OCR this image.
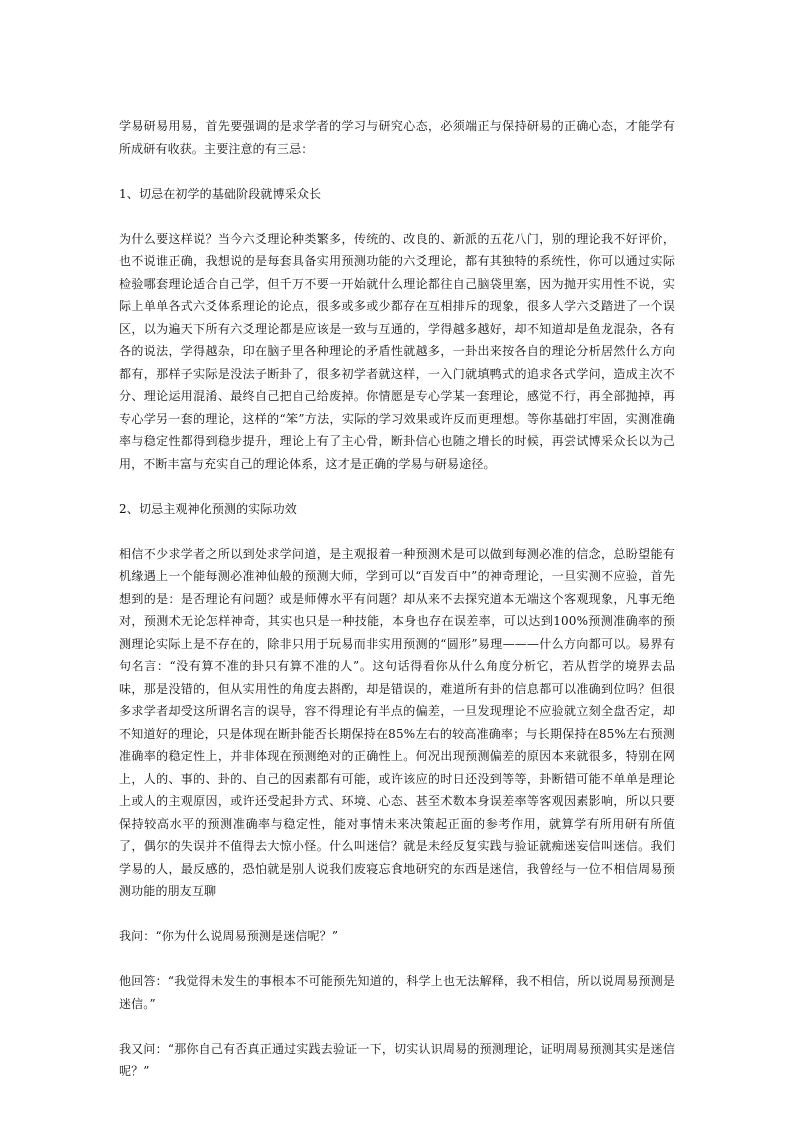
学易研易用易，首先要强调的是求学者的学习与研究心态，必须端正与保持研易的正确心态，才能学有所成研有收获。主要注意的有三忌：

1、切忌在初学的基础阶段就博采众长

为什么要这样说？当今六爻理论种类繁多，传统的、改良的、新派的五花八门，别的理论我不好评价，也不说谁正确，我想说的是每套具备实用预测功能的六爻理论，都有其独特的系统性，你可以通过实际检验哪套理论适合自己学，但千万不要一开始就什么理论都往自己脑袋里塞，因为抛开实用性不说，实际上单单各式六爻体系理论的论点，很多或多或少都存在互相排斥的现象，很多人学六爻踏进了一个误区，以为遍天下所有六爻理论都是应该是一致与互通的，学得越多越好，却不知道却是鱼龙混杂，各有各的说法，学得越杂，印在脑子里各种理论的矛盾性就越多，一卦出来按各自的理论分析居然什么方向都有，那样子实际是没法子断卦了，很多初学者就这样，一入门就填鸭式的追求各式学问，造成主次不分、理论运用混淆、最终自己把自己给废掉。你情愿是专心学某一套理论，感觉不行，再全部抛掉，再专心学另一套的理论，这样的“笨”方法，实际的学习效果或许反而更理想。等你基础打牢固，实测准确率与稳定性都得到稳步提升，理论上有了主心骨，断卦信心也随之增长的时候，再尝试博采众长以为己用，不断丰富与充实自己的理论体系，这才是正确的学易与研易途径。

2、切忌主观神化预测的实际功效

相信不少求学者之所以到处求学问道，是主观报着一种预测术是可以做到每测必准的信念，总盼望能有机缘遇上一个能每测必准神仙般的预测大师，学到可以“百发百中”的神奇理论，一旦实测不应验，首先想到的是：是否理论有问题？或是师傅水平有问题？却从来不去探究道本无端这个客观现象，凡事无绝对，预测术无论怎样神奇，其实也只是一种技能，本身也存在误差率，可以达到100%预测准确率的预测理论实际上是不存在的，除非只用于玩易而非实用预测的“圆形”易理———什么方向都可以。易界有句名言：“没有算不准的卦只有算不准的人”。这句话得看你从什么角度分析它，若从哲学的境界去品味，那是没错的，但从实用性的角度去斟酌，却是错误的，难道所有卦的信息都可以准确到位吗？但很多求学者却受这所谓名言的误导，容不得理论有半点的偏差，一旦发现理论不应验就立刻全盘否定，却不知道好的理论，只是体现在断卦能否长期保持在85%左右的较高准确率；与长期保持在85%左右预测准确率的稳定性上，并非体现在预测绝对的正确性上。何况出现预测偏差的原因本来就很多，特别在网上，人的、事的、卦的、自己的因素都有可能，或许该应的时日还没到等等，卦断错可能不单单是理论上或人的主观原因，或许还受起卦方式、环境、心态、甚至术数本身误差率等客观因素影响，所以只要保持较高水平的预测准确率与稳定性，能对事情未来决策起正面的参考作用，就算学有所用研有所值了，偶尔的失误并不值得去大惊小怪。什么叫迷信？就是未经反复实践与验证就痴迷妄信叫迷信。我们学易的人，最反感的，恐怕就是别人说我们废寝忘食地研究的东西是迷信，我曾经与一位不相信周易预测功能的朋友互聊

我问：“你为什么说周易预测是迷信呢？”

他回答：“我觉得未发生的事根本不可能预先知道的，科学上也无法解释，我不相信，所以说周易预测是迷信。”

我又问：“那你自己有否真正通过实践去验证一下，切实认识周易的预测理论，证明周易预测其实是迷信呢？”
